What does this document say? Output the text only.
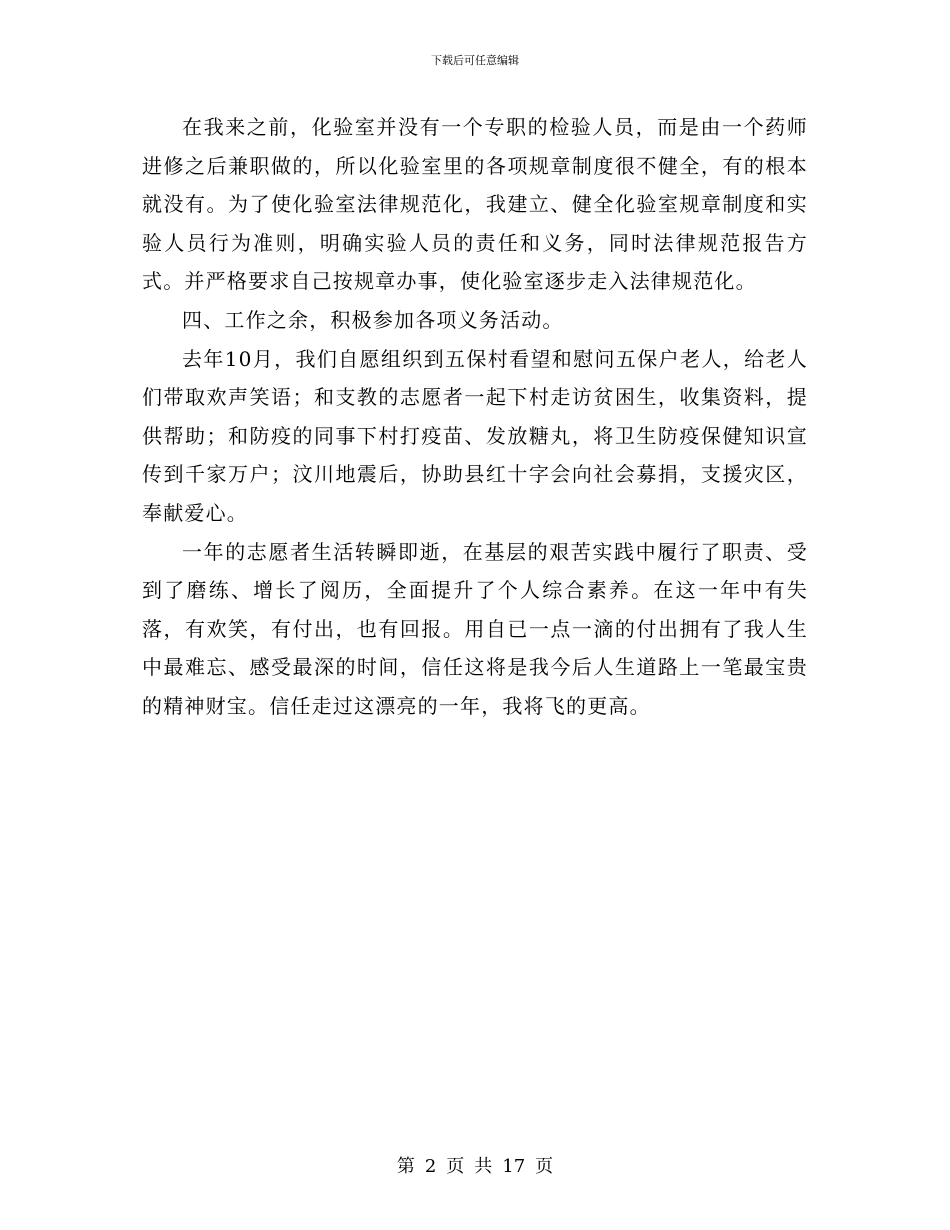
下载后可任意编辑

在我来之前，化验室并没有一个专职的检验人员，而是由一个药师进修之后兼职做的，所以化验室里的各项规章制度很不健全，有的根本就没有。为了使化验室法律规范化，我建立、健全化验室规章制度和实验人员行为准则，明确实验人员的责任和义务，同时法律规范报告方式。并严格要求自己按规章办事，使化验室逐步走入法律规范化。

四、工作之余，积极参加各项义务活动。

去年10月，我们自愿组织到五保村看望和慰问五保户老人，给老人们带取欢声笑语；和支教的志愿者一起下村走访贫困生，收集资料，提供帮助；和防疫的同事下村打疫苗、发放糖丸，将卫生防疫保健知识宣传到千家万户；汶川地震后，协助县红十字会向社会募捐，支援灾区，奉献爱心。

一年的志愿者生活转瞬即逝，在基层的艰苦实践中履行了职责、受到了磨练、增长了阅历，全面提升了个人综合素养。在这一年中有失落，有欢笑，有付出，也有回报。用自已一点一滴的付出拥有了我人生中最难忘、感受最深的时间，信任这将是我今后人生道路上一笔最宝贵的精神财宝。信任走过这漂亮的一年，我将飞的更高。

第 2 页 共 17 页
